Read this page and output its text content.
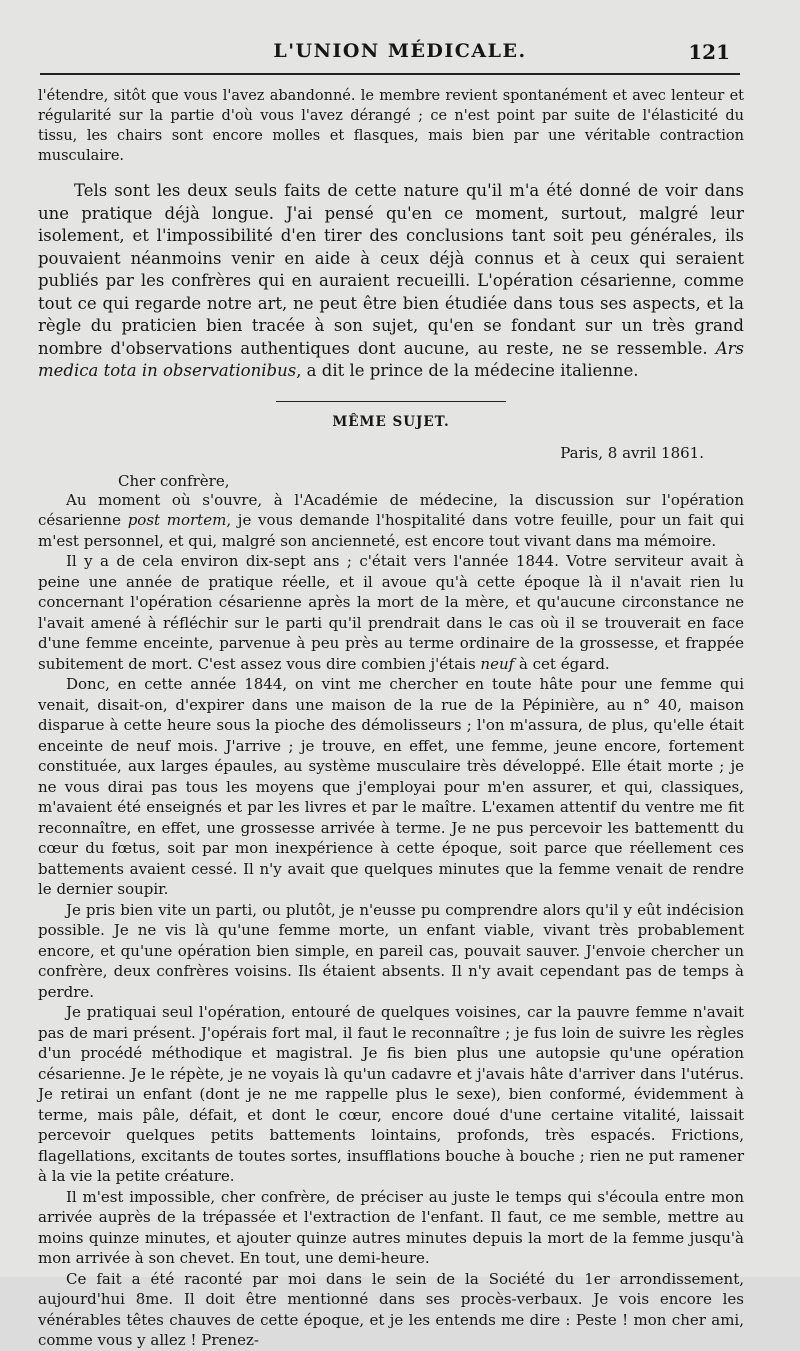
L'UNION MÉDICALE.	121

l'étendre, sitôt que vous l'avez abandonné. le membre revient spontanément et avec lenteur et régularité sur la partie d'où vous l'avez dérangé ; ce n'est point par suite de l'élasticité du tissu, les chairs sont encore molles et flasques, mais bien par une véritable contraction musculaire.

Tels sont les deux seuls faits de cette nature qu'il m'a été donné de voir dans une pratique déjà longue. J'ai pensé qu'en ce moment, surtout, malgré leur isolement, et l'impossibilité d'en tirer des conclusions tant soit peu générales, ils pouvaient néanmoins venir en aide à ceux déjà connus et à ceux qui seraient publiés par les confrères qui en auraient recueilli. L'opération césarienne, comme tout ce qui regarde notre art, ne peut être bien étudiée dans tous ses aspects, et la règle du praticien bien tracée à son sujet, qu'en se fondant sur un très grand nombre d'observations authentiques dont aucune, au reste, ne se ressemble. Ars medica tota in observationibus, a dit le prince de la médecine italienne.

MÊME SUJET.
Paris, 8 avril 1861.
Cher confrère,

Au moment où s'ouvre, à l'Académie de médecine, la discussion sur l'opération césarienne post mortem, je vous demande l'hospitalité dans votre feuille, pour un fait qui m'est personnel, et qui, malgré son ancienneté, est encore tout vivant dans ma mémoire.

Il y a de cela environ dix-sept ans ; c'était vers l'année 1844. Votre serviteur avait à peine une année de pratique réelle, et il avoue qu'à cette époque là il n'avait rien lu concernant l'opération césarienne après la mort de la mère, et qu'aucune circonstance ne l'avait amené à réfléchir sur le parti qu'il prendrait dans le cas où il se trouverait en face d'une femme enceinte, parvenue à peu près au terme ordinaire de la grossesse, et frappée subitement de mort. C'est assez vous dire combien j'étais neuf à cet égard.

Donc, en cette année 1844, on vint me chercher en toute hâte pour une femme qui venait, disait-on, d'expirer dans une maison de la rue de la Pépinière, au n° 40, maison disparue à cette heure sous la pioche des démolisseurs ; l'on m'assura, de plus, qu'elle était enceinte de neuf mois. J'arrive ; je trouve, en effet, une femme, jeune encore, fortement constituée, aux larges épaules, au système musculaire très développé. Elle était morte ; je ne vous dirai pas tous les moyens que j'employai pour m'en assurer, et qui, classiques, m'avaient été enseignés et par les livres et par le maître. L'examen attentif du ventre me fit reconnaître, en effet, une grossesse arrivée à terme. Je ne pus percevoir les battementt du cœur du fœtus, soit par mon inexpérience à cette époque, soit parce que réellement ces battements avaient cessé. Il n'y avait que quelques minutes que la femme venait de rendre le dernier soupir.

Je pris bien vite un parti, ou plutôt, je n'eusse pu comprendre alors qu'il y eût indécision possible. Je ne vis là qu'une femme morte, un enfant viable, vivant très probablement encore, et qu'une opération bien simple, en pareil cas, pouvait sauver. J'envoie chercher un confrère, deux confrères voisins. Ils étaient absents. Il n'y avait cependant pas de temps à perdre.

Je pratiquai seul l'opération, entouré de quelques voisines, car la pauvre femme n'avait pas de mari présent. J'opérais fort mal, il faut le reconnaître ; je fus loin de suivre les règles d'un procédé méthodique et magistral. Je fis bien plus une autopsie qu'une opération césarienne. Je le répète, je ne voyais là qu'un cadavre et j'avais hâte d'arriver dans l'utérus. Je retirai un enfant (dont je ne me rappelle plus le sexe), bien conformé, évidemment à terme, mais pâle, défait, et dont le cœur, encore doué d'une certaine vitalité, laissait percevoir quelques petits battements lointains, profonds, très espacés. Frictions, flagellations, excitants de toutes sortes, insufflations bouche à bouche ; rien ne put ramener à la vie la petite créature.

Il m'est impossible, cher confrère, de préciser au juste le temps qui s'écoula entre mon arrivée auprès de la trépassée et l'extraction de l'enfant. Il faut, ce me semble, mettre au moins quinze minutes, et ajouter quinze autres minutes depuis la mort de la femme jusqu'à mon arrivée à son chevet. En tout, une demi-heure.

Ce fait a été raconté par moi dans le sein de la Société du 1er arrondissement, aujourd'hui 8me. Il doit être mentionné dans ses procès-verbaux. Je vois encore les vénérables têtes chauves de cette époque, et je les entends me dire : Peste ! mon cher ami, comme vous y allez ! Prenez-
